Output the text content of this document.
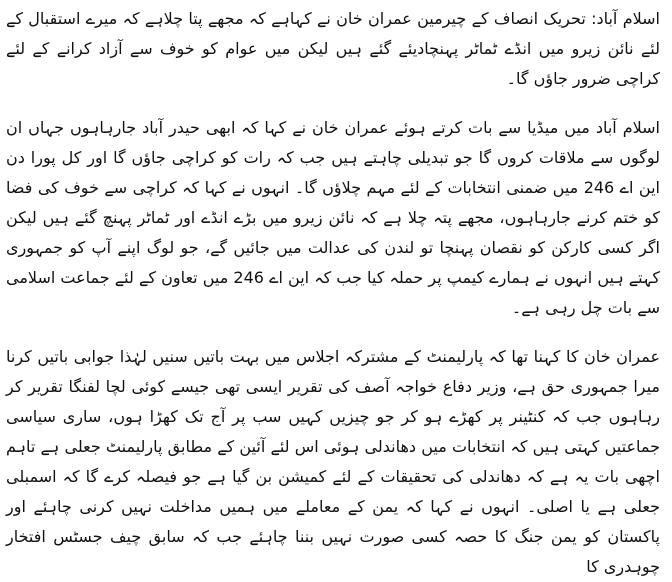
اسلام آباد: تحریک انصاف کے چیرمین عمران خان نے کہاہے کہ مجھے پتا چلاہے کہ میرے استقبال کے لئے نائن زیرو میں انڈے ٹماٹر پہنچادیئے گئے ہیں لیکن میں عوام کو خوف سے آزاد کرانے کے لئے کراچی ضرور جاؤں گا۔

اسلام آباد میں میڈیا سے بات کرتے ہوئے عمران خان نے کہا کہ ابھی حیدر آباد جارہاہوں جہاں ان لوگوں سے ملاقات کروں گا جو تبدیلی چاہتے ہیں جب کہ رات کو کراچی جاؤں گا اور کل پورا دن این اے 246 میں ضمنی انتخابات کے لئے مہم چلاؤں گا۔ انہوں نے کہا کہ کراچی سے خوف کی فضا کو ختم کرنے جارہاہوں، مجھے پتہ چلا ہے کہ نائن زیرو میں بڑے انڈے اور ٹماٹر پہنچ گئے ہیں لیکن اگر کسی کارکن کو نقصان پہنچا تو لندن کی عدالت میں جائیں گے، جو لوگ اپنے آپ کو جمہوری کہتے ہیں انہوں نے ہمارے کیمپ پر حملہ کیا جب کہ این اے 246 میں تعاون کے لئے جماعت اسلامی سے بات چل رہی ہے۔

عمران خان کا کہنا تھا کہ پارلیمنٹ کے مشترکہ اجلاس میں بہت باتیں سنیں لہٰذا جوابی باتیں کرنا میرا جمہوری حق ہے، وزیر دفاع خواجہ آصف کی تقریر ایسی تھی جیسے کوئی لچا لفنگا تقریر کر رہاہوں جب کہ کنٹینر پر کھڑے ہو کر جو چیزیں کہیں سب پر آج تک کھڑا ہوں، ساری سیاسی جماعتیں کہتی ہیں کہ انتخابات میں دھاندلی ہوئی اس لئے آئین کے مطابق پارلیمنٹ جعلی ہے تاہم اچھی بات یہ ہے کہ دھاندلی کی تحقیقات کے لئے کمیشن بن گیا ہے جو فیصلہ کرے گا کہ اسمبلی جعلی ہے یا اصلی۔ انہوں نے کہا کہ یمن کے معاملے میں ہمیں مداخلت نہیں کرنی چاہئے اور پاکستان کو یمن جنگ کا حصہ کسی صورت نہیں بننا چاہئے جب کہ سابق چیف جسٹس افتخار چوہدری کا
